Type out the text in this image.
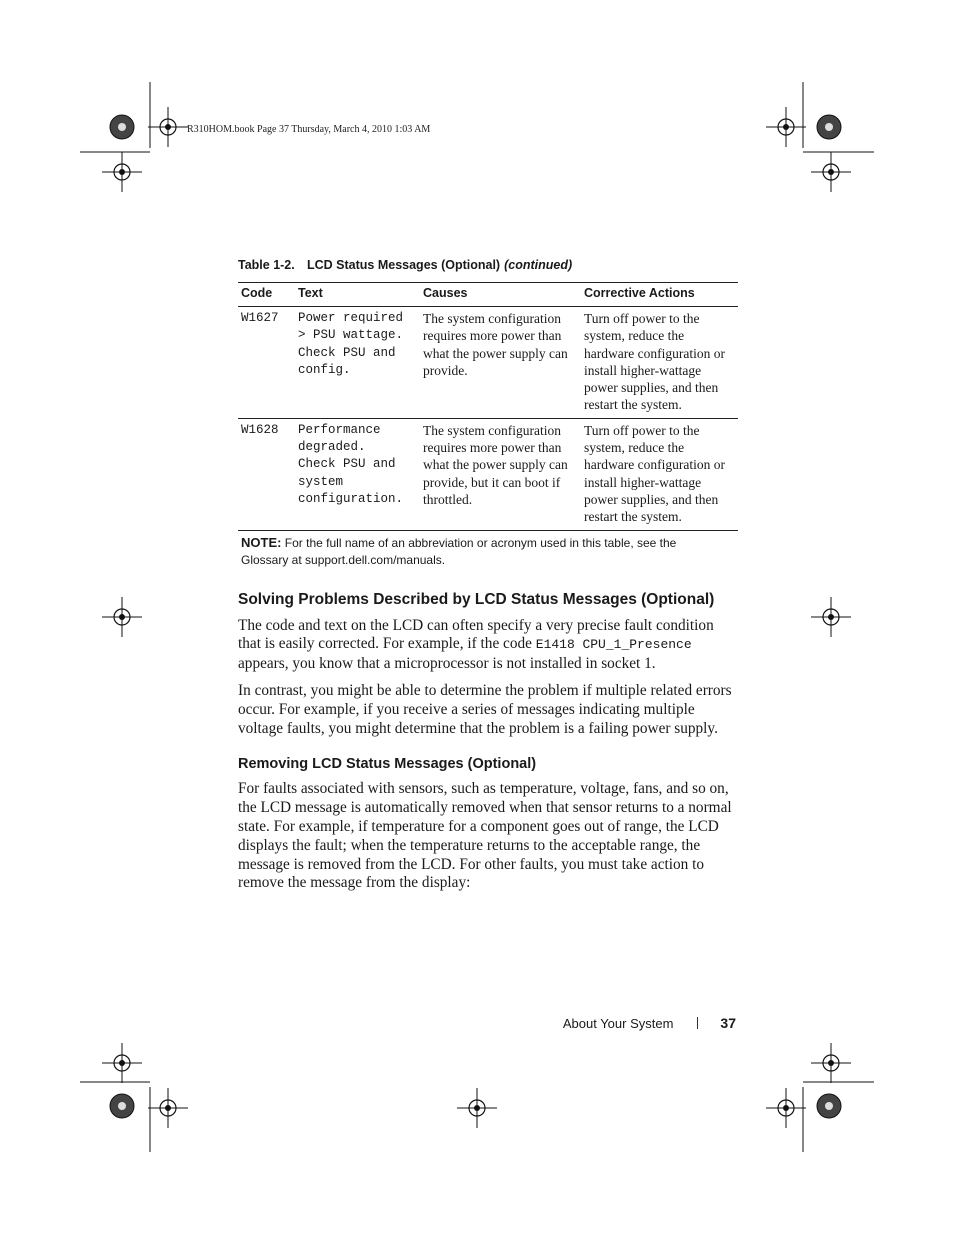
R310HOM.book Page 37 Thursday, March 4, 2010 1:03 AM
Table 1-2. LCD Status Messages (Optional) (continued)
Code	Text	Causes	Corrective Actions
W1627	Power required
> PSU wattage.
Check PSU and
config.	The system configuration requires more power than what the power supply can provide.	Turn off power to the system, reduce the hardware configuration or install higher-wattage power supplies, and then restart the system.
W1628	Performance
degraded.
Check PSU and
system
configuration.	The system configuration requires more power than what the power supply can provide, but it can boot if throttled.	Turn off power to the system, reduce the hardware configuration or install higher-wattage power supplies, and then restart the system.
NOTE: For the full name of an abbreviation or acronym used in this table, see the Glossary at support.dell.com/manuals.
Solving Problems Described by LCD Status Messages (Optional)

The code and text on the LCD can often specify a very precise fault condition that is easily corrected. For example, if the code E1418 CPU_1_Presence appears, you know that a microprocessor is not installed in socket 1.

In contrast, you might be able to determine the problem if multiple related errors occur. For example, if you receive a series of messages indicating multiple voltage faults, you might determine that the problem is a failing power supply.

Removing LCD Status Messages (Optional)

For faults associated with sensors, such as temperature, voltage, fans, and so on, the LCD message is automatically removed when that sensor returns to a normal state. For example, if temperature for a component goes out of range, the LCD displays the fault; when the temperature returns to the acceptable range, the message is removed from the LCD. For other faults, you must take action to remove the message from the display:

About Your System	37
